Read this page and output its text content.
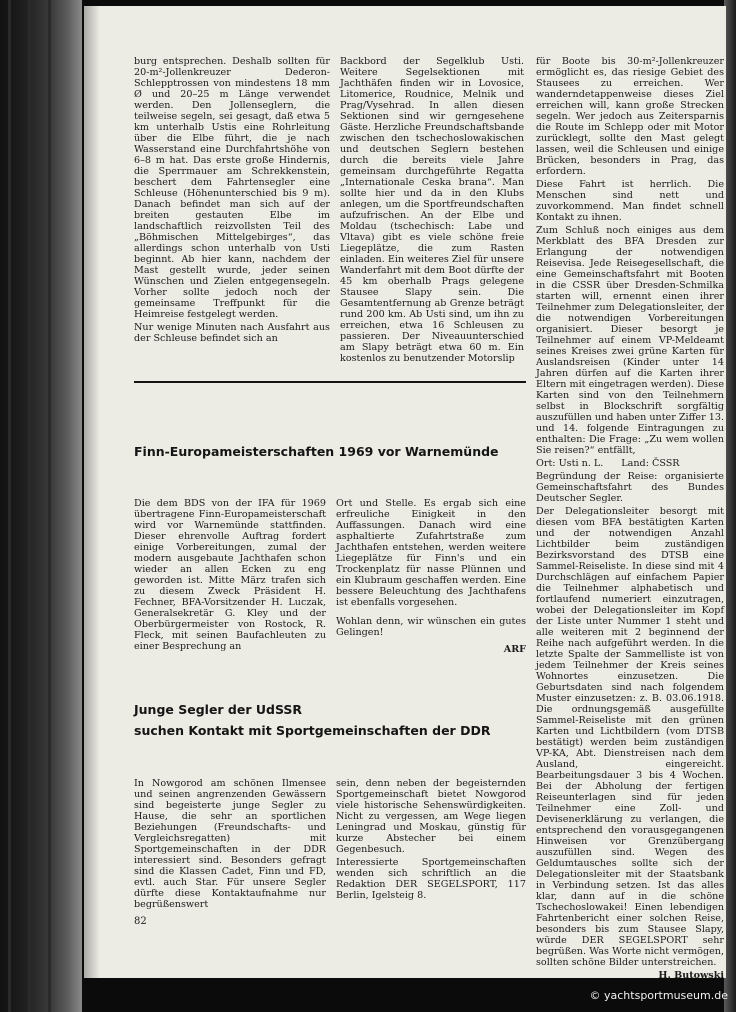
burg entsprechen. Deshalb sollten für 20-m²-Jollenkreuzer Dederon-Schlepptrossen von mindestens 18 mm Ø und 20–25 m Länge verwendet werden. Den Jollenseglern, die teilweise segeln, sei gesagt, daß etwa 5 km unterhalb Ustis eine Rohrleitung über die Elbe führt, die je nach Wasserstand eine Durchfahrtshöhe von 6–8 m hat. Das erste große Hindernis, die Sperrmauer am Schrekkenstein, beschert dem Fahrtensegler eine Schleuse (Höhenunterschied bis 9 m). Danach befindet man sich auf der breiten gestauten Elbe im landschaftlich reizvollsten Teil des „Böhmischen Mittelgebirges“, das allerdings schon unterhalb von Usti beginnt. Ab hier kann, nachdem der Mast gestellt wurde, jeder seinen Wünschen und Zielen entgegensegeln. Vorher sollte jedoch noch der gemeinsame Treffpunkt für die Heimreise festgelegt werden.

Nur wenige Minuten nach Ausfahrt aus der Schleuse befindet sich an

Backbord der Segelklub Usti. Weitere Segelsektionen mit Jachthäfen finden wir in Lovosice, Litomerice, Roudnice, Melnik und Prag/Vysehrad. In allen diesen Sektionen sind wir gerngesehene Gäste. Herzliche Freundschaftsbande zwischen den tschechoslowakischen und deutschen Seglern bestehen durch die bereits viele Jahre gemeinsam durchgeführte Regatta „Internationale Ceska brana“. Man sollte hier und da in den Klubs anlegen, um die Sportfreundschaften aufzufrischen. An der Elbe und Moldau (tschechisch: Labe und Vltava) gibt es viele schöne freie Liegeplätze, die zum Rasten einladen. Ein weiteres Ziel für unsere Wanderfahrt mit dem Boot dürfte der 45 km oberhalb Prags gelegene Stausee Slapy sein. Die Gesamtentfernung ab Grenze beträgt rund 200 km. Ab Usti sind, um ihn zu erreichen, etwa 16 Schleusen zu passieren. Der Niveauunterschied am Slapy beträgt etwa 60 m. Ein kostenlos zu benutzender Motorslip

für Boote bis 30-m²-Jollenkreuzer ermöglicht es, das riesige Gebiet des Stausees zu erreichen. Wer wanderndetappenweise dieses Ziel erreichen will, kann große Strecken segeln. Wer jedoch aus Zeitersparnis die Route im Schlepp oder mit Motor zurücklegt, sollte den Mast gelegt lassen, weil die Schleusen und einige Brücken, besonders in Prag, das erfordern.

Diese Fahrt ist herrlich. Die Menschen sind nett und zuvorkommend. Man findet schnell Kontakt zu ihnen.

Zum Schluß noch einiges aus dem Merkblatt des BFA Dresden zur Erlangung der notwendigen Reisevisa. Jede Reisegesellschaft, die eine Gemeinschaftsfahrt mit Booten in die CSSR über Dresden-Schmilka starten will, ernennt einen ihrer Teilnehmer zum Delegationsleiter, der die notwendigen Vorbereitungen organisiert. Dieser besorgt je Teilnehmer auf einem VP-Meldeamt seines Kreises zwei grüne Karten für Auslandsreisen (Kinder unter 14 Jahren dürfen auf die Karten ihrer Eltern mit eingetragen werden). Diese Karten sind von den Teilnehmern selbst in Blockschrift sorgfältig auszufüllen und haben unter Ziffer 13. und 14. folgende Eintragungen zu enthalten: Die Frage: „Zu wem wollen Sie reisen?“ entfällt,

Ort: Usti n. L. Land: ČSSR

Begründung der Reise: organisierte Gemeinschaftsfahrt des Bundes Deutscher Segler.

Der Delegationsleiter besorgt mit diesen vom BFA bestätigten Karten und der notwendigen Anzahl Lichtbilder beim zuständigen Bezirksvorstand des DTSB eine Sammel-Reiseliste. In diese sind mit 4 Durchschlägen auf einfachem Papier die Teilnehmer alphabetisch und fortlaufend numeriert einzutragen, wobei der Delegationsleiter im Kopf der Liste unter Nummer 1 steht und alle weiteren mit 2 beginnend der Reihe nach aufgeführt werden. In die letzte Spalte der Sammelliste ist von jedem Teilnehmer der Kreis seines Wohnortes einzusetzen. Die Geburtsdaten sind nach folgendem Muster einzusetzen: z. B. 03.06.1918. Die ordnungsgemäß ausgefüllte Sammel-Reiseliste mit den grünen Karten und Lichtbildern (vom DTSB bestätigt) werden beim zuständigen VP-KA, Abt. Dienstreisen nach dem Ausland, eingereicht. Bearbeitungsdauer 3 bis 4 Wochen. Bei der Abholung der fertigen Reiseunterlagen sind für jeden Teilnehmer eine Zoll- und Devisenerklärung zu verlangen, die entsprechend den vorausgegangenen Hinweisen vor Grenzübergang auszufüllen sind. Wegen des Geldumtausches sollte sich der Delegationsleiter mit der Staatsbank in Verbindung setzen. Ist das alles klar, dann auf in die schöne Tschechoslowakei! Einen lebendigen Fahrtenbericht einer solchen Reise, besonders bis zum Stausee Slapy, würde DER SEGELSPORT sehr begrüßen. Was Worte nicht vermögen, sollten schöne Bilder unterstreichen.

H. Butowski

Finn-Europameisterschaften 1969 vor Warnemünde

Die dem BDS von der IFA für 1969 übertragene Finn-Europameisterschaft wird vor Warnemünde stattfinden. Dieser ehrenvolle Auftrag fordert einige Vorbereitungen, zumal der modern ausgebaute Jachthafen schon wieder an allen Ecken zu eng geworden ist. Mitte März trafen sich zu diesem Zweck Präsident H. Fechner, BFA-Vorsitzender H. Luczak, Generalsekretär G. Kley und der Oberbürgermeister von Rostock, R. Fleck, mit seinen Baufachleuten zu einer Besprechung an

Ort und Stelle. Es ergab sich eine erfreuliche Einigkeit in den Auffassungen. Danach wird eine asphaltierte Zufahrtstraße zum Jachthafen entstehen, werden weitere Liegeplätze für Finn's und ein Trockenplatz für nasse Plünnen und ein Klubraum geschaffen werden. Eine bessere Beleuchtung des Jachthafens ist ebenfalls vorgesehen.

Wohlan denn, wir wünschen ein gutes Gelingen!

ARF

Junge Segler der UdSSR
suchen Kontakt mit Sportgemeinschaften der DDR

In Nowgorod am schönen Ilmensee und seinen angrenzenden Gewässern sind begeisterte junge Segler zu Hause, die sehr an sportlichen Beziehungen (Freundschafts- und Vergleichsregatten) mit Sportgemeinschaften in der DDR interessiert sind. Besonders gefragt sind die Klassen Cadet, Finn und FD, evtl. auch Star. Für unsere Segler dürfte diese Kontaktaufnahme nur begrüßenswert

sein, denn neben der begeisternden Sportgemeinschaft bietet Nowgorod viele historische Sehenswürdigkeiten. Nicht zu vergessen, am Wege liegen Leningrad und Moskau, günstig für kurze Abstecher bei einem Gegenbesuch.

Interessierte Sportgemeinschaften wenden sich schriftlich an die Redaktion DER SEGELSPORT, 117 Berlin, Igelsteig 8.

82
© yachtsportmuseum.de
